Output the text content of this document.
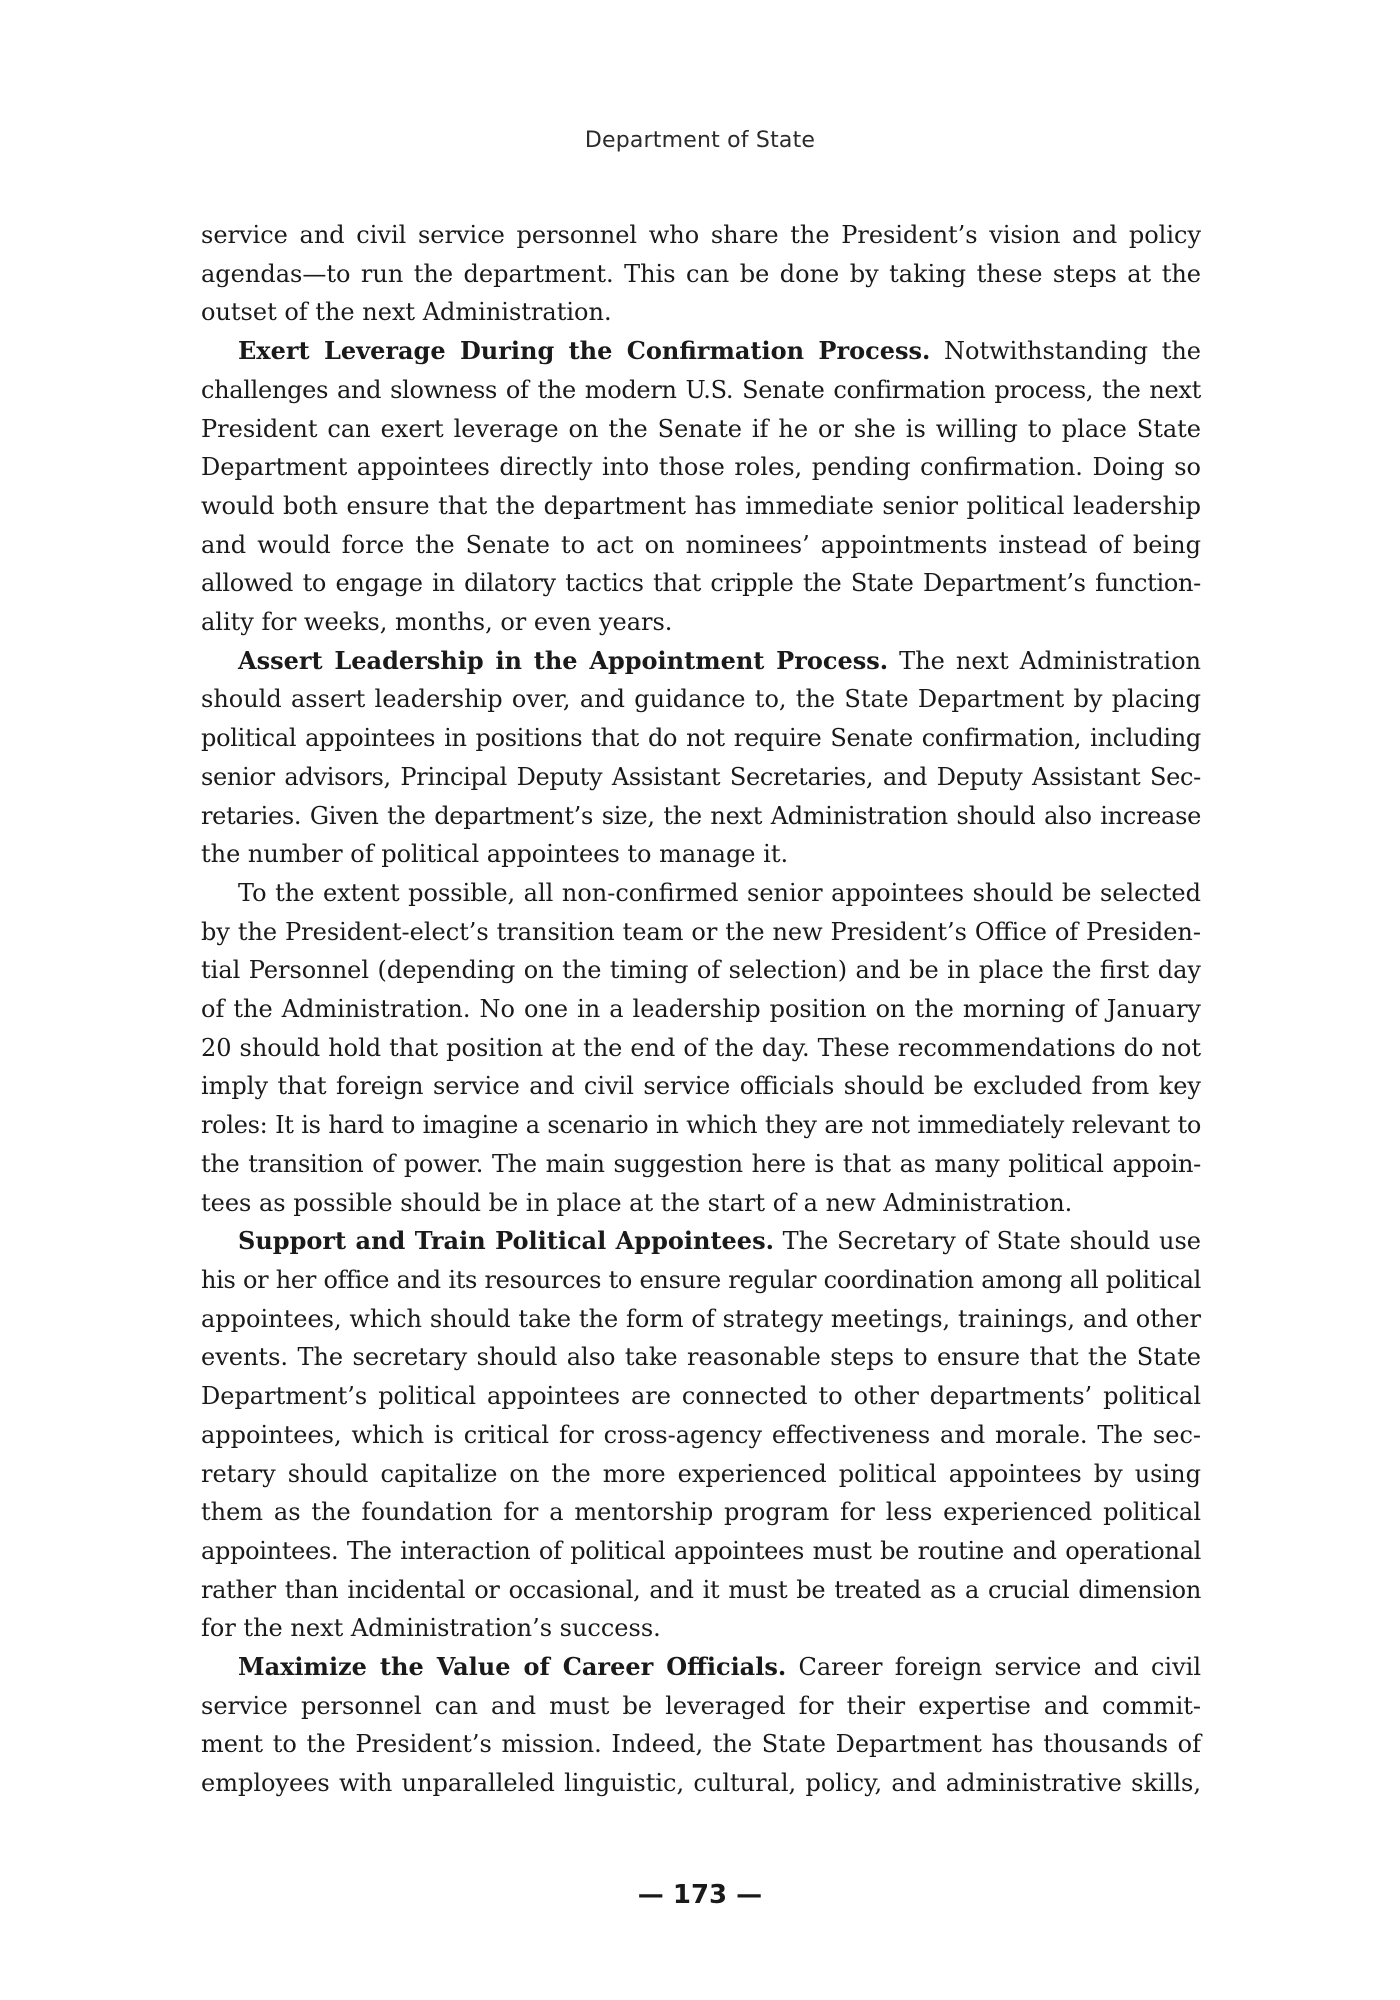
Department of State
service and civil service personnel who share the President’s vision and policy
agendas—to run the department. This can be done by taking these steps at the
outset of the next Administration.
Exert Leverage During the Confirmation Process. Notwithstanding the
challenges and slowness of the modern U.S. Senate confirmation process, the next
President can exert leverage on the Senate if he or she is willing to place State
Department appointees directly into those roles, pending confirmation. Doing so
would both ensure that the department has immediate senior political leadership
and would force the Senate to act on nominees’ appointments instead of being
allowed to engage in dilatory tactics that cripple the State Department’s function-
ality for weeks, months, or even years.
Assert Leadership in the Appointment Process. The next Administration
should assert leadership over, and guidance to, the State Department by placing
political appointees in positions that do not require Senate confirmation, including
senior advisors, Principal Deputy Assistant Secretaries, and Deputy Assistant Sec-
retaries. Given the department’s size, the next Administration should also increase
the number of political appointees to manage it.
To the extent possible, all non-confirmed senior appointees should be selected
by the President-elect’s transition team or the new President’s Office of Presiden-
tial Personnel (depending on the timing of selection) and be in place the first day
of the Administration. No one in a leadership position on the morning of January
20 should hold that position at the end of the day. These recommendations do not
imply that foreign service and civil service officials should be excluded from key
roles: It is hard to imagine a scenario in which they are not immediately relevant to
the transition of power. The main suggestion here is that as many political appoin-
tees as possible should be in place at the start of a new Administration.
Support and Train Political Appointees. The Secretary of State should use
his or her office and its resources to ensure regular coordination among all political
appointees, which should take the form of strategy meetings, trainings, and other
events. The secretary should also take reasonable steps to ensure that the State
Department’s political appointees are connected to other departments’ political
appointees, which is critical for cross-agency effectiveness and morale. The sec-
retary should capitalize on the more experienced political appointees by using
them as the foundation for a mentorship program for less experienced political
appointees. The interaction of political appointees must be routine and operational
rather than incidental or occasional, and it must be treated as a crucial dimension
for the next Administration’s success.
Maximize the Value of Career Officials. Career foreign service and civil
service personnel can and must be leveraged for their expertise and commit-
ment to the President’s mission. Indeed, the State Department has thousands of
employees with unparalleled linguistic, cultural, policy, and administrative skills,
— 173 —
